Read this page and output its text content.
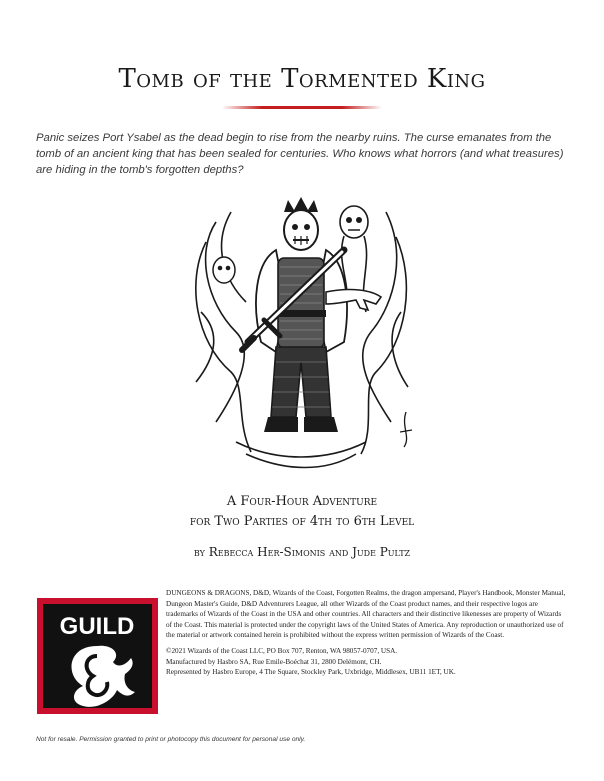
Tomb of the Tormented King

Panic seizes Port Ysabel as the dead begin to rise from the nearby ruins. The curse emanates from the tomb of an ancient king that has been sealed for centuries. Who knows what horrors (and what treasures) are hiding in the tomb's forgotten depths?

A Four-Hour Adventure
for Two Parties of 4th to 6th Level
by Rebecca Her-Simonis and Jude Pultz
GUILD

DUNGEONS & DRAGONS, D&D, Wizards of the Coast, Forgotten Realms, the dragon ampersand, Player's Handbook, Monster Manual, Dungeon Master's Guide, D&D Adventurers League, all other Wizards of the Coast product names, and their respective logos are trademarks of Wizards of the Coast in the USA and other countries. All characters and their distinctive likenesses are property of Wizards of the Coast. This material is protected under the copyright laws of the United States of America. Any reproduction or unauthorized use of the material or artwork contained herein is prohibited without the express written permission of Wizards of the Coast.

©2021 Wizards of the Coast LLC, PO Box 707, Renton, WA 98057-0707, USA.

Manufactured by Hasbro SA, Rue Emile-Boéchat 31, 2800 Delémont, CH.

Represented by Hasbro Europe, 4 The Square, Stockley Park, Uxbridge, Middlesex, UB11 1ET, UK.

Not for resale. Permission granted to print or photocopy this document for personal use only.
